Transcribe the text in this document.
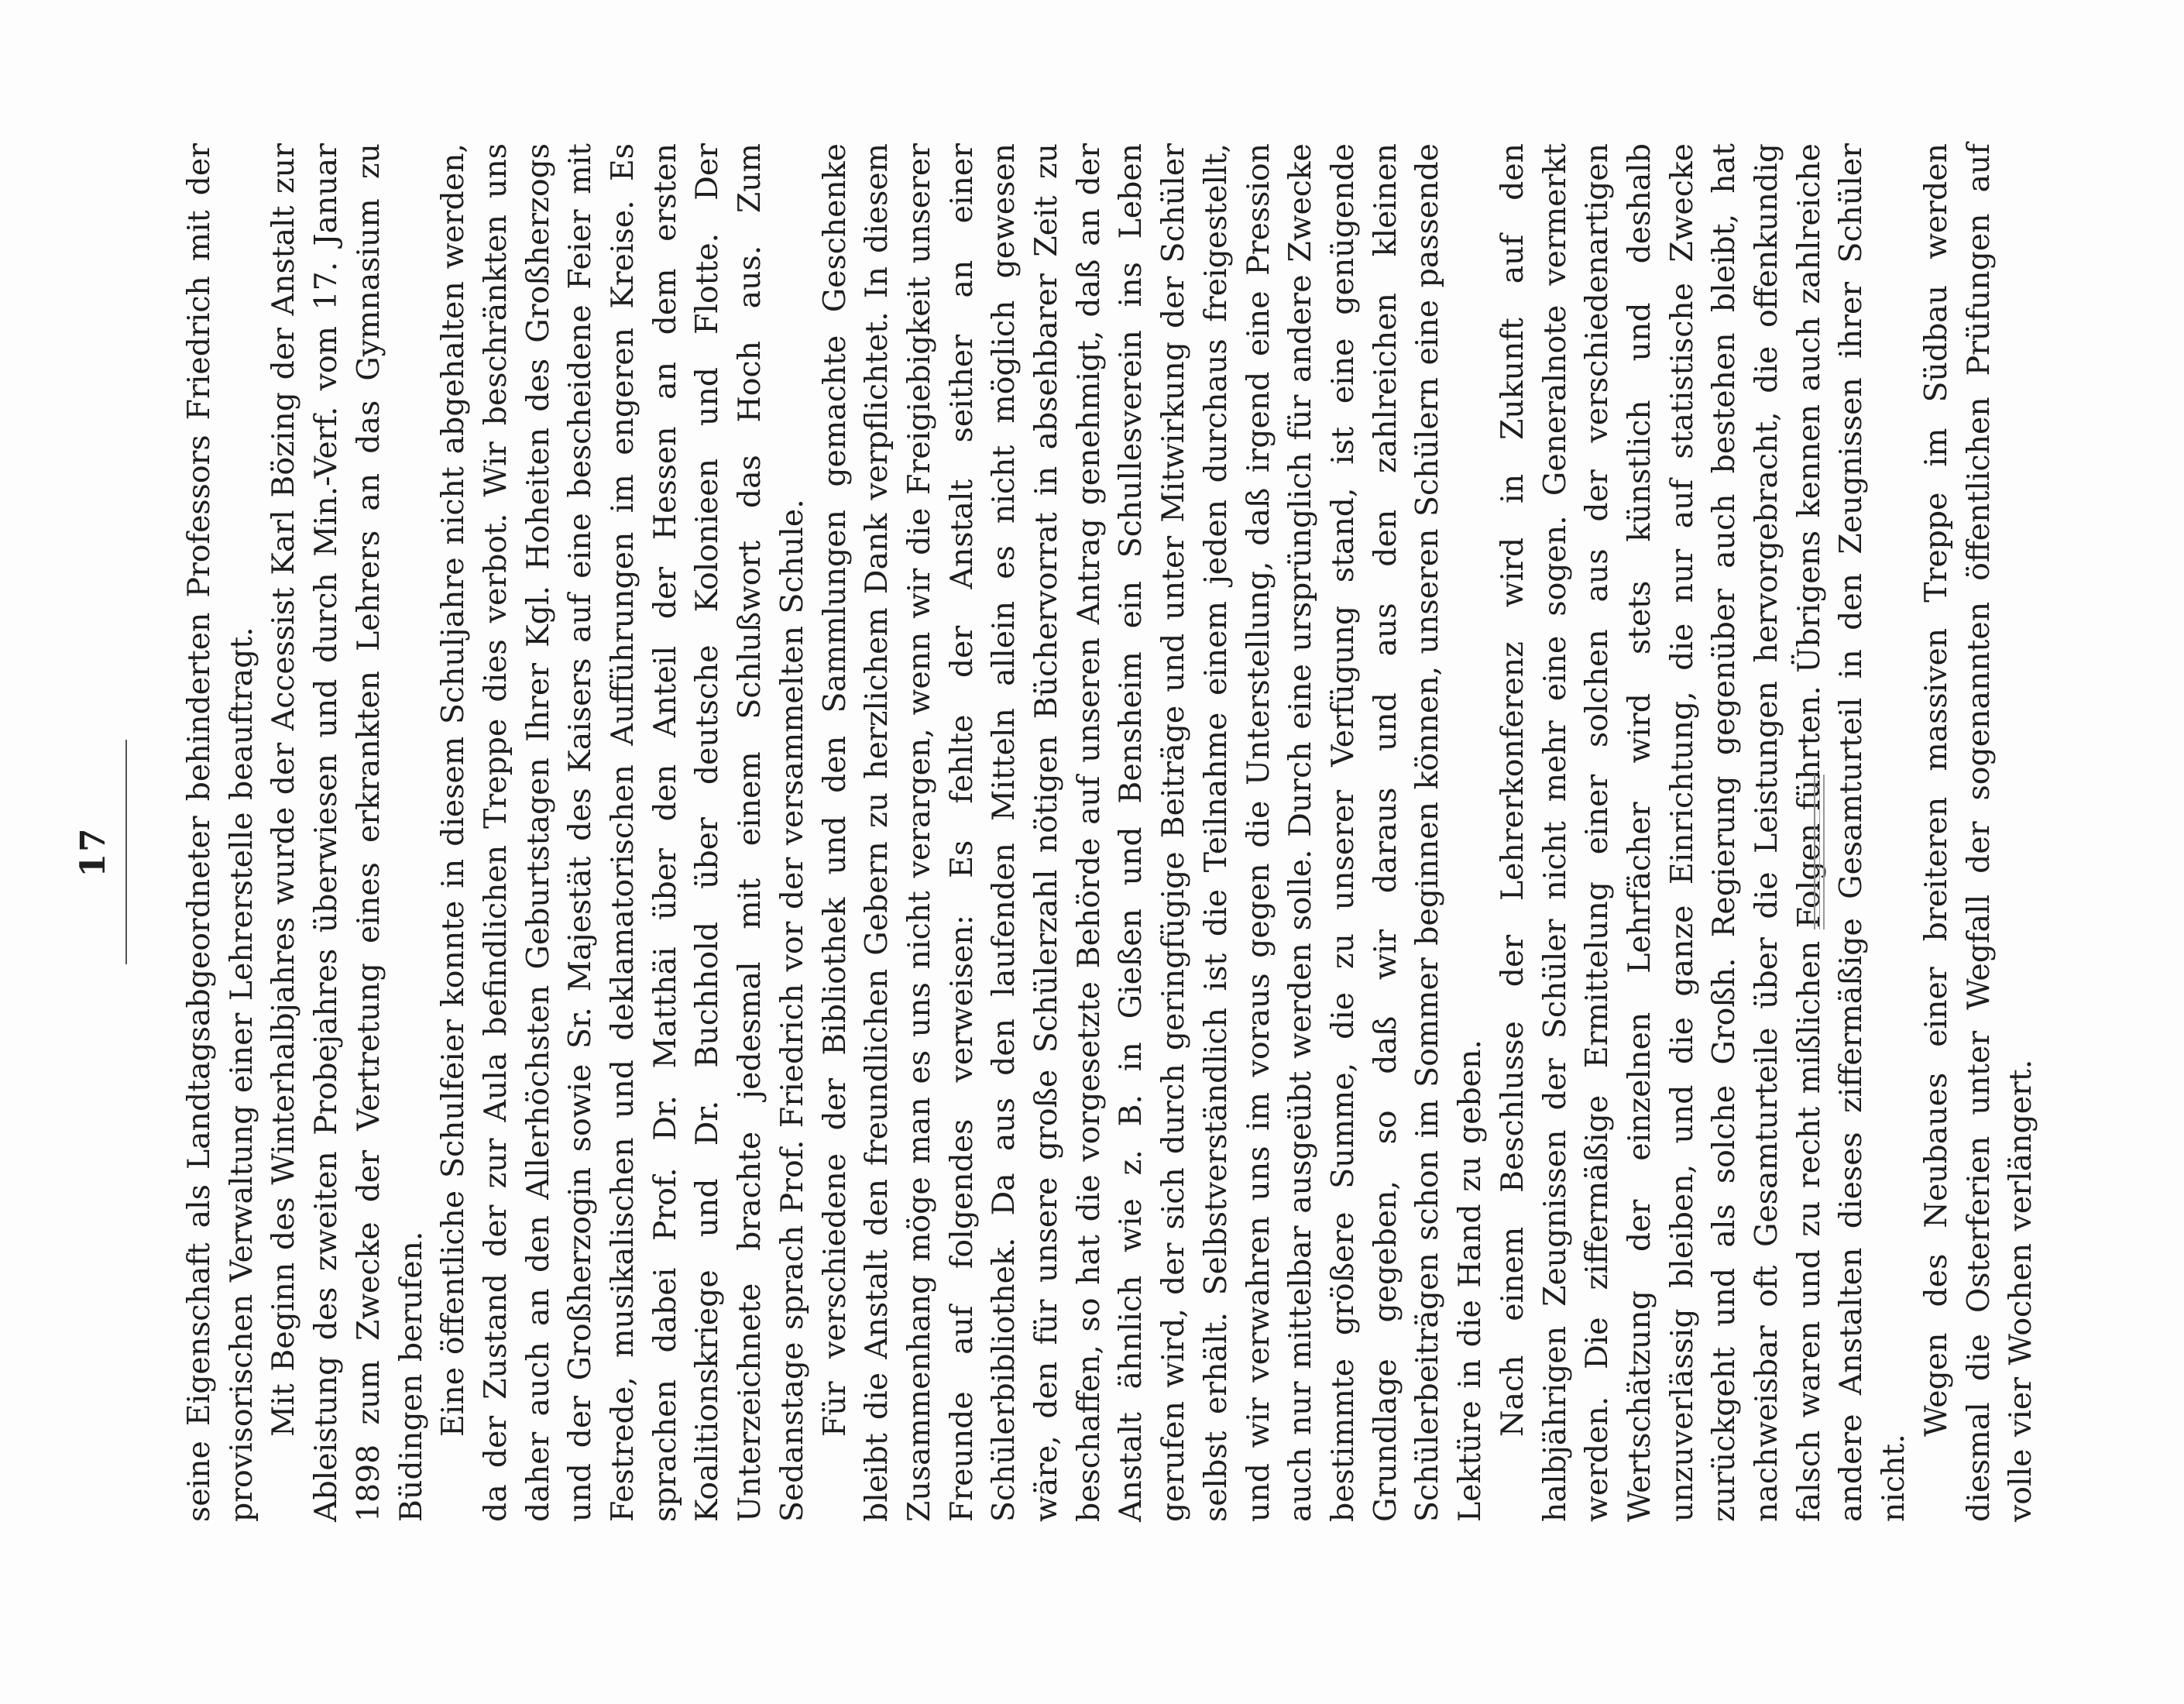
17 seine Eigenschaft als Landtagsabgeordneter behinderten Professors Friedrich mit der provisorischen Verwaltung einer Lehrerstelle beauftragt. Mit Beginn des Winterhalbjahres wurde der Accessist Karl Bözing der Anstalt zur Ableistung des zweiten Probejahres überwiesen und durch Min.-Verf. vom 17. Januar 1898 zum Zwecke der Vertretung eines erkrankten Lehrers an das Gymnasium zu Büdingen berufen. Eine öffentliche Schulfeier konnte in diesem Schuljahre nicht abgehalten werden, da der Zustand der zur Aula befindlichen Treppe dies verbot. Wir beschränkten uns daher auch an den Allerhöchsten Geburtstagen Ihrer Kgl. Hoheiten des Großherzogs und der Großherzogin sowie Sr. Majestät des Kaisers auf eine bescheidene Feier mit Festrede, musikalischen und deklamatorischen Aufführungen im engeren Kreise. Es sprachen dabei Prof. Dr. Matthäi über den Anteil der Hessen an dem ersten Koalitionskriege und Dr. Buchhold über deutsche Kolonieen und Flotte. Der Unterzeichnete brachte jedesmal mit einem Schlußwort das Hoch aus. Zum Sedanstage sprach Prof. Friedrich vor der versammelten Schule. Für verschiedene der Bibliothek und den Sammlungen gemachte Geschenke bleibt die Anstalt den freundlichen Gebern zu herzlichem Dank verpflichtet. In diesem Zusammenhang möge man es uns nicht verargen, wenn wir die Freigiebigkeit unserer Freunde auf folgendes verweisen: Es fehlte der Anstalt seither an einer Schülerbibliothek. Da aus den laufenden Mitteln allein es nicht möglich gewesen wäre, den für unsere große Schülerzahl nötigen Büchervorrat in absehbarer Zeit zu beschaffen, so hat die vorgesetzte Behörde auf unseren Antrag genehmigt, daß an der Anstalt ähnlich wie z. B. in Gießen und Bensheim ein Schullesverein ins Leben gerufen wird, der sich durch geringfügige Beiträge und unter Mitwirkung der Schüler selbst erhält. Selbstverständlich ist die Teilnahme einem jeden durchaus freigestellt, und wir verwahren uns im voraus gegen die Unterstellung, daß irgend eine Pression auch nur mittelbar ausgeübt werden solle. Durch eine ursprünglich für andere Zwecke bestimmte größere Summe, die zu unserer Verfügung stand, ist eine genügende Grundlage gegeben, so daß wir daraus und aus den zahlreichen kleinen Schülerbeiträgen schon im Sommer beginnen können, unseren Schülern eine passende Lektüre in die Hand zu geben. Nach einem Beschlusse der Lehrerkonferenz wird in Zukunft auf den halbjährigen Zeugnissen der Schüler nicht mehr eine sogen. Generalnote vermerkt werden. Die ziffermäßige Ermittelung einer solchen aus der verschiedenartigen Wertschätzung der einzelnen Lehrfächer wird stets künstlich und deshalb unzuverlässig bleiben, und die ganze Einrichtung, die nur auf statistische Zwecke zurückgeht und als solche Großh. Regierung gegenüber auch bestehen bleibt, hat nachweisbar oft Gesamturteile über die Leistungen hervorgebracht, die offenkundig falsch waren und zu recht mißlichen Folgen führten. Übrigens kennen auch zahlreiche andere Anstalten dieses ziffermäßige Gesamturteil in den Zeugnissen ihrer Schüler nicht.

Wegen des Neubaues einer breiteren massiven Treppe im Südbau werden diesmal die Osterferien unter Wegfall der sogenannten öffentlichen Prüfungen auf volle vier Wochen verlängert.
